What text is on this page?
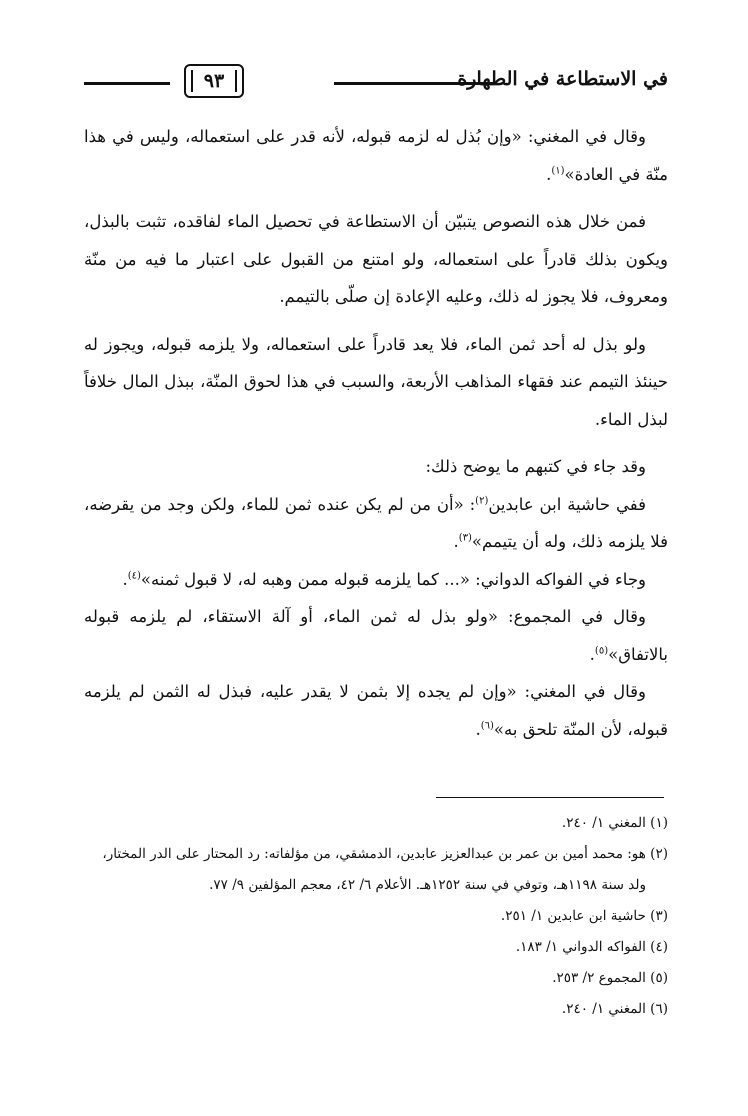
في الاستطاعة في الطهارة
٩٣

وقال في المغني: «وإن بُذل له لزمه قبوله، لأنه قدر على استعماله، وليس في هذا منّة في العادة»$^{(١)}$.

فمن خلال هذه النصوص يتبيّن أن الاستطاعة في تحصيل الماء لفاقده، تثبت بالبذل، ويكون بذلك قادراً على استعماله، ولو امتنع من القبول على اعتبار ما فيه من منّة ومعروف، فلا يجوز له ذلك، وعليه الإعادة إن صلّى بالتيمم.

ولو بذل له أحد ثمن الماء، فلا يعد قادراً على استعماله، ولا يلزمه قبوله، ويجوز له حينئذ التيمم عند فقهاء المذاهب الأربعة، والسبب في هذا لحوق المنّة، ببذل المال خلافاً لبذل الماء.

وقد جاء في كتبهم ما يوضح ذلك:

ففي حاشية ابن عابدين$^{(٢)}$: «أن من لم يكن عنده ثمن للماء، ولكن وجد من يقرضه، فلا يلزمه ذلك، وله أن يتيمم»$^{(٣)}$.

وجاء في الفواكه الدواني: «... كما يلزمه قبوله ممن وهبه له، لا قبول ثمنه»$^{(٤)}$.

وقال في المجموع: «ولو بذل له ثمن الماء، أو آلة الاستقاء، لم يلزمه قبوله بالاتفاق»$^{(٥)}$.

وقال في المغني: «وإن لم يجده إلا بثمن لا يقدر عليه، فبذل له الثمن لم يلزمه قبوله، لأن المنّة تلحق به»$^{(٦)}$.

(١) المغني ١/ ٢٤٠.

(٢) هو: محمد أمين بن عمر بن عبدالعزيز عابدين، الدمشقي، من مؤلفاته: رد المحتار على الدر المختار،
ولد سنة ١١٩٨هـ، وتوفي في سنة ١٢٥٢هـ. الأعلام ٦/ ٤٢، معجم المؤلفين ٩/ ٧٧.

(٣) حاشية ابن عابدين ١/ ٢٥١.

(٤) الفواكه الدواني ١/ ١٨٣.

(٥) المجموع ٢/ ٢٥٣.

(٦) المغني ١/ ٢٤٠.
